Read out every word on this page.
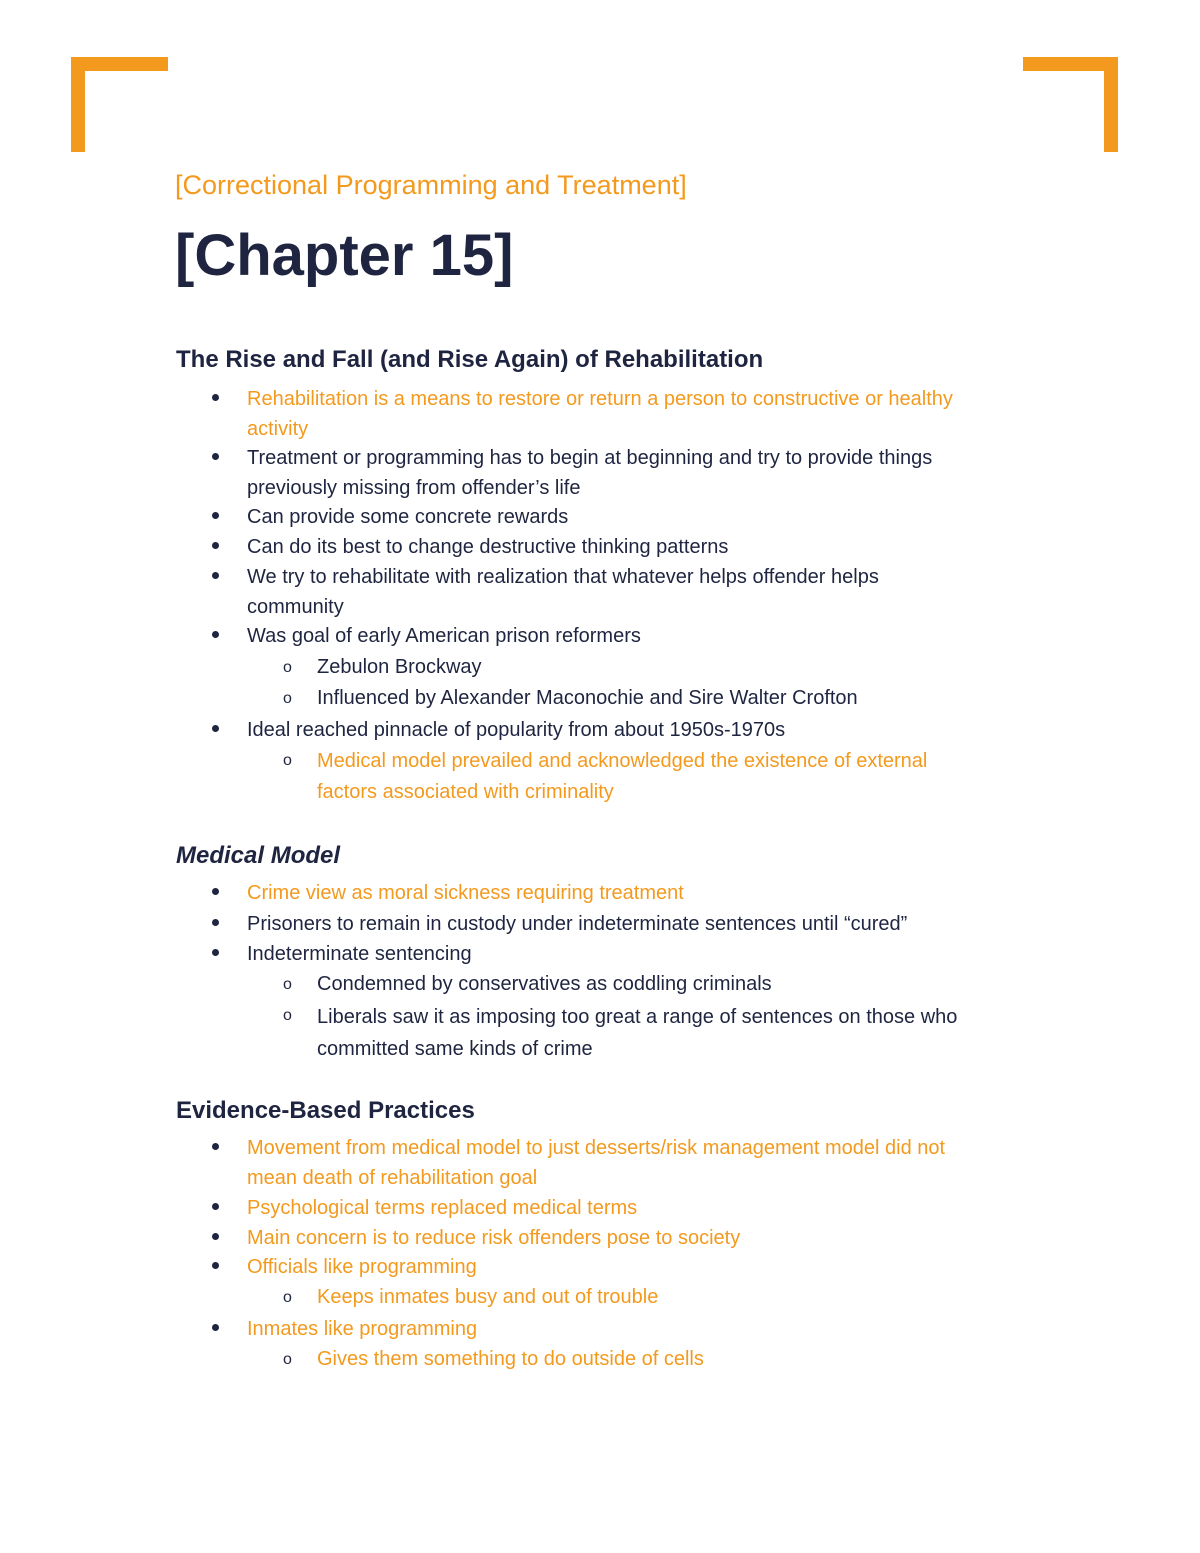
[Correctional Programming and Treatment]
[Chapter 15]
The Rise and Fall (and Rise Again) of Rehabilitation
Rehabilitation is a means to restore or return a person to constructive or healthy
activity
Treatment or programming has to begin at beginning and try to provide things
previously missing from offender’s life
Can provide some concrete rewards
Can do its best to change destructive thinking patterns
We try to rehabilitate with realization that whatever helps offender helps
community
Was goal of early American prison reformers
o Zebulon Brockway
o Influenced by Alexander Maconochie and Sire Walter Crofton
Ideal reached pinnacle of popularity from about 1950s-1970s
o Medical model prevailed and acknowledged the existence of external
factors associated with criminality
Medical Model
Crime view as moral sickness requiring treatment
Prisoners to remain in custody under indeterminate sentences until “cured”
Indeterminate sentencing
o Condemned by conservatives as coddling criminals
o Liberals saw it as imposing too great a range of sentences on those who
committed same kinds of crime
Evidence-Based Practices
Movement from medical model to just desserts/risk management model did not
mean death of rehabilitation goal
Psychological terms replaced medical terms
Main concern is to reduce risk offenders pose to society
Officials like programming
o Keeps inmates busy and out of trouble
Inmates like programming
o Gives them something to do outside of cells
